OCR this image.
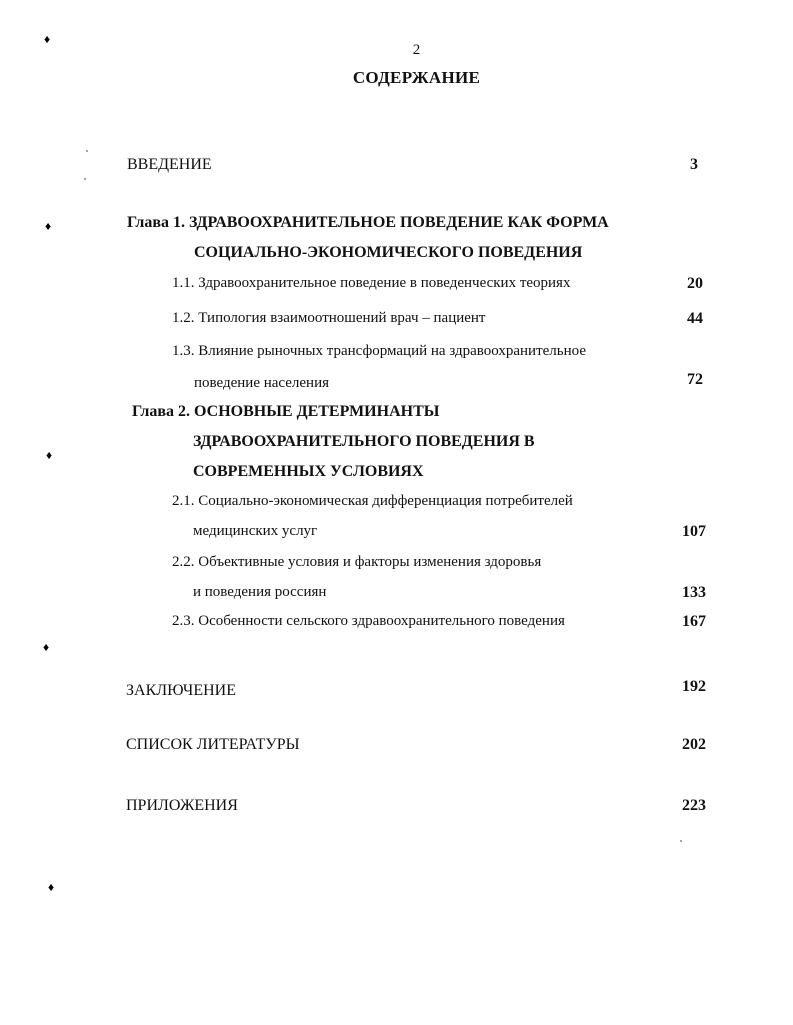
♦
♦
♦
♦
♦
2
СОДЕРЖАНИЕ
ВВЕДЕНИЕ	3
Глава 1. ЗДРАВООХРАНИТЕЛЬНОЕ ПОВЕДЕНИЕ КАК ФОРМА
СОЦИАЛЬНО-ЭКОНОМИЧЕСКОГО ПОВЕДЕНИЯ
1.1. Здравоохранительное поведение в поведенческих теориях	20
1.2. Типология взаимоотношений врач – пациент	44
1.3. Влияние рыночных трансформаций на здравоохранительное
поведение населения	72
Глава 2. ОСНОВНЫЕ ДЕТЕРМИНАНТЫ
ЗДРАВООХРАНИТЕЛЬНОГО ПОВЕДЕНИЯ В
СОВРЕМЕННЫХ УСЛОВИЯХ
2.1. Социально-экономическая дифференциация потребителей
медицинских услуг	107
2.2. Объективные условия и факторы изменения здоровья
и поведения россиян	133
2.3. Особенности сельского здравоохранительного поведения	167
ЗАКЛЮЧЕНИЕ	192
СПИСОК ЛИТЕРАТУРЫ	202
ПРИЛОЖЕНИЯ	223
